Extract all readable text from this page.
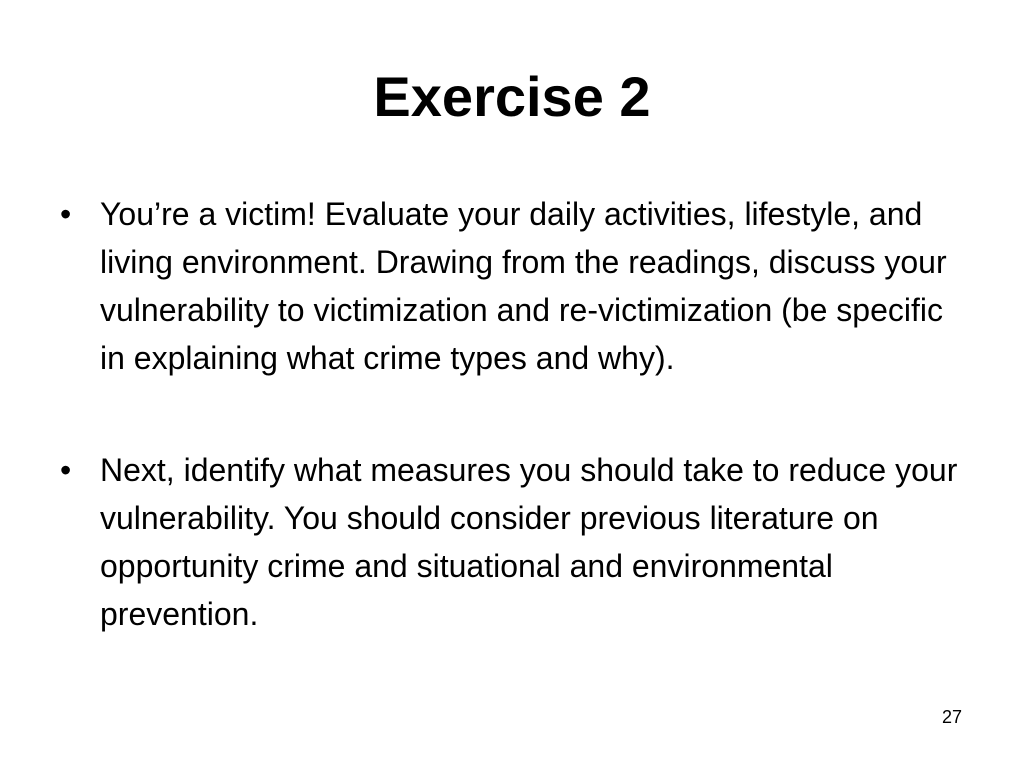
Exercise 2
• You’re a victim! Evaluate your daily activities, lifestyle, and living environment. Drawing from the readings, discuss your vulnerability to victimization and re-victimization (be specific in explaining what crime types and why).
• Next, identify what measures you should take to reduce your vulnerability. You should consider previous literature on opportunity crime and situational and environmental prevention.
27
